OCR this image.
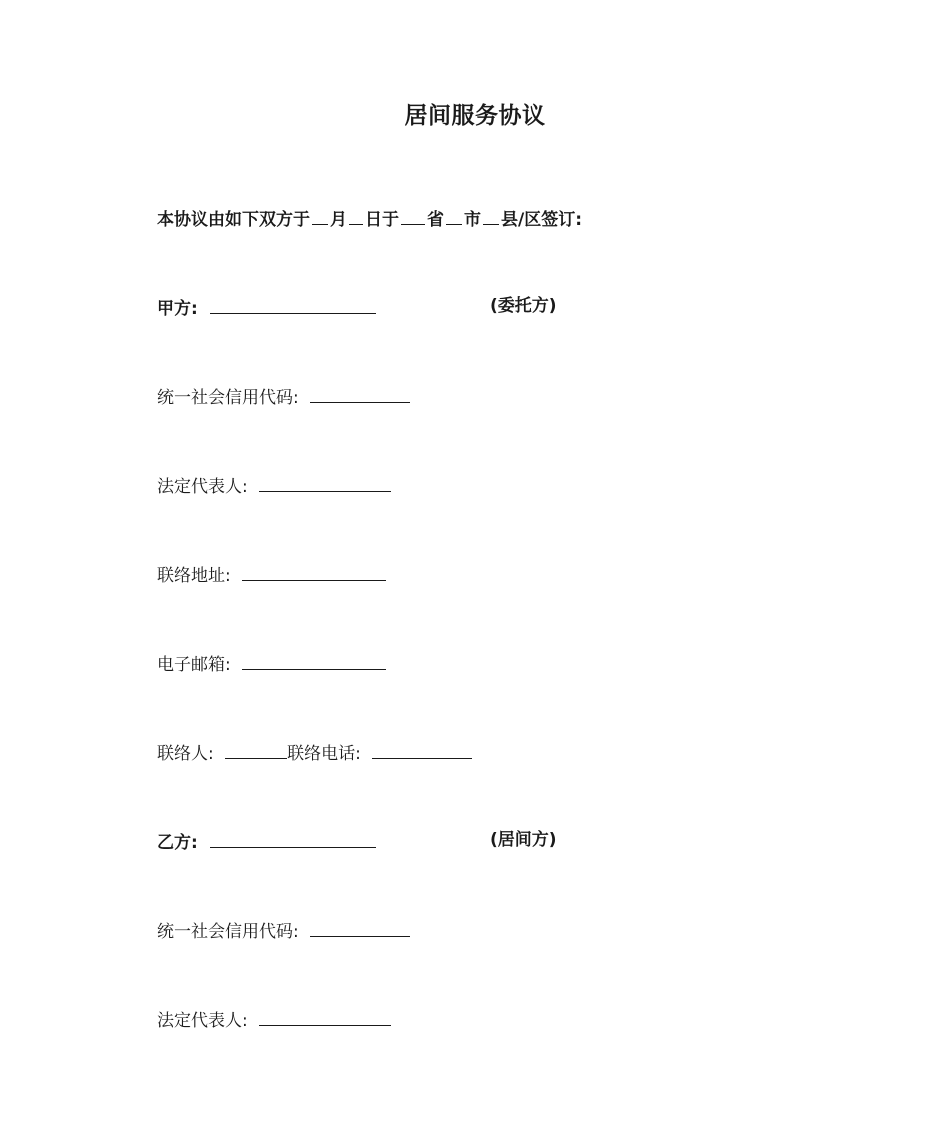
居间服务协议
本协议由如下双方于 月 日于 省 市 县/区签订:
甲方:	(委托方)
统一社会信用代码:
法定代表人:
联络地址:
电子邮箱:
联络人:	联络电话:
乙方:	(居间方)
统一社会信用代码:
法定代表人:
